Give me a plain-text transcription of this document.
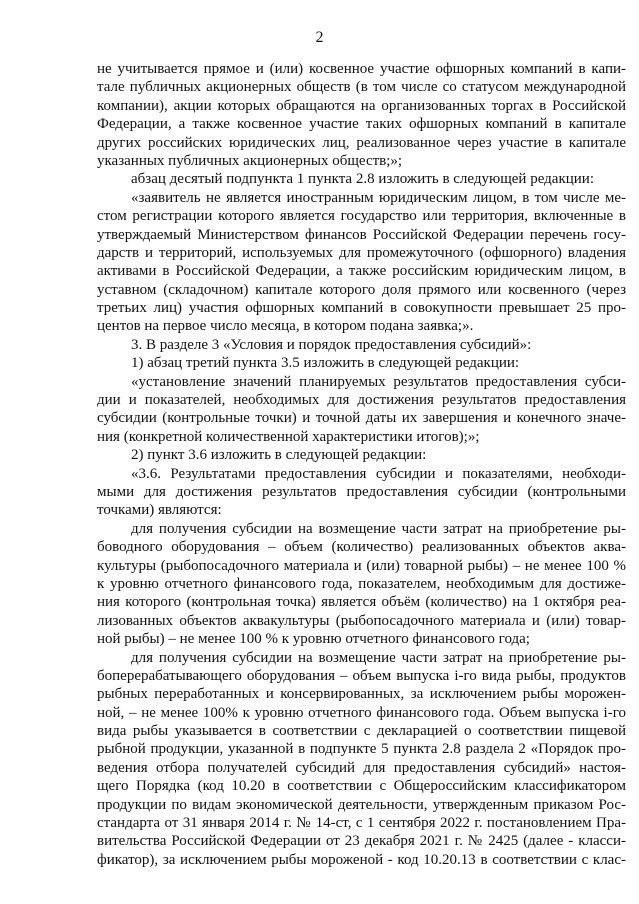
2
не учитывается прямое и (или) косвенное участие офшорных компаний в капи-
тале публичных акционерных обществ (в том числе со статусом международной
компании), акции которых обращаются на организованных торгах в Российской
Федерации, а также косвенное участие таких офшорных компаний в капитале
других российских юридических лиц, реализованное через участие в капитале
указанных публичных акционерных обществ;»;
абзац десятый подпункта 1 пункта 2.8 изложить в следующей редакции:
«заявитель не является иностранным юридическим лицом, в том числе ме-
стом регистрации которого является государство или территория, включенные в
утверждаемый Министерством финансов Российской Федерации перечень госу-
дарств и территорий, используемых для промежуточного (офшорного) владения
активами в Российской Федерации, а также российским юридическим лицом, в
уставном (складочном) капитале которого доля прямого или косвенного (через
третьих лиц) участия офшорных компаний в совокупности превышает 25 про-
центов на первое число месяца, в котором подана заявка;».
3. В разделе 3 «Условия и порядок предоставления субсидий»:
1) абзац третий пункта 3.5 изложить в следующей редакции:
«установление значений планируемых результатов предоставления субси-
дии и показателей, необходимых для достижения результатов предоставления
субсидии (контрольные точки) и точной даты их завершения и конечного значе-
ния (конкретной количественной характеристики итогов);»;
2) пункт 3.6 изложить в следующей редакции:
«3.6. Результатами предоставления субсидии и показателями, необходи-
мыми для достижения результатов предоставления субсидии (контрольными
точками) являются:
для получения субсидии на возмещение части затрат на приобретение ры-
боводного оборудования – объем (количество) реализованных объектов аква-
культуры (рыбопосадочного материала и (или) товарной рыбы) – не менее 100 %
к уровню отчетного финансового года, показателем, необходимым для достиже-
ния которого (контрольная точка) является объём (количество) на 1 октября реа-
лизованных объектов аквакультуры (рыбопосадочного материала и (или) товар-
ной рыбы) – не менее 100 % к уровню отчетного финансового года;
для получения субсидии на возмещение части затрат на приобретение ры-
боперерабатывающего оборудования – объем выпуска i-го вида рыбы, продуктов
рыбных переработанных и консервированных, за исключением рыбы морожен-
ной, – не менее 100% к уровню отчетного финансового года. Объем выпуска i-го
вида рыбы указывается в соответствии с декларацией о соответствии пищевой
рыбной продукции, указанной в подпункте 5 пункта 2.8 раздела 2 «Порядок про-
ведения отбора получателей субсидий для предоставления субсидий» настоя-
щего Порядка (код 10.20 в соответствии с Общероссийским классификатором
продукции по видам экономической деятельности, утвержденным приказом Рос-
стандарта от 31 января 2014 г. № 14-ст, с 1 сентября 2022 г. постановлением Пра-
вительства Российской Федерации от 23 декабря 2021 г. № 2425 (далее - класси-
фикатор), за исключением рыбы мороженой - код 10.20.13 в соответствии с клас-
